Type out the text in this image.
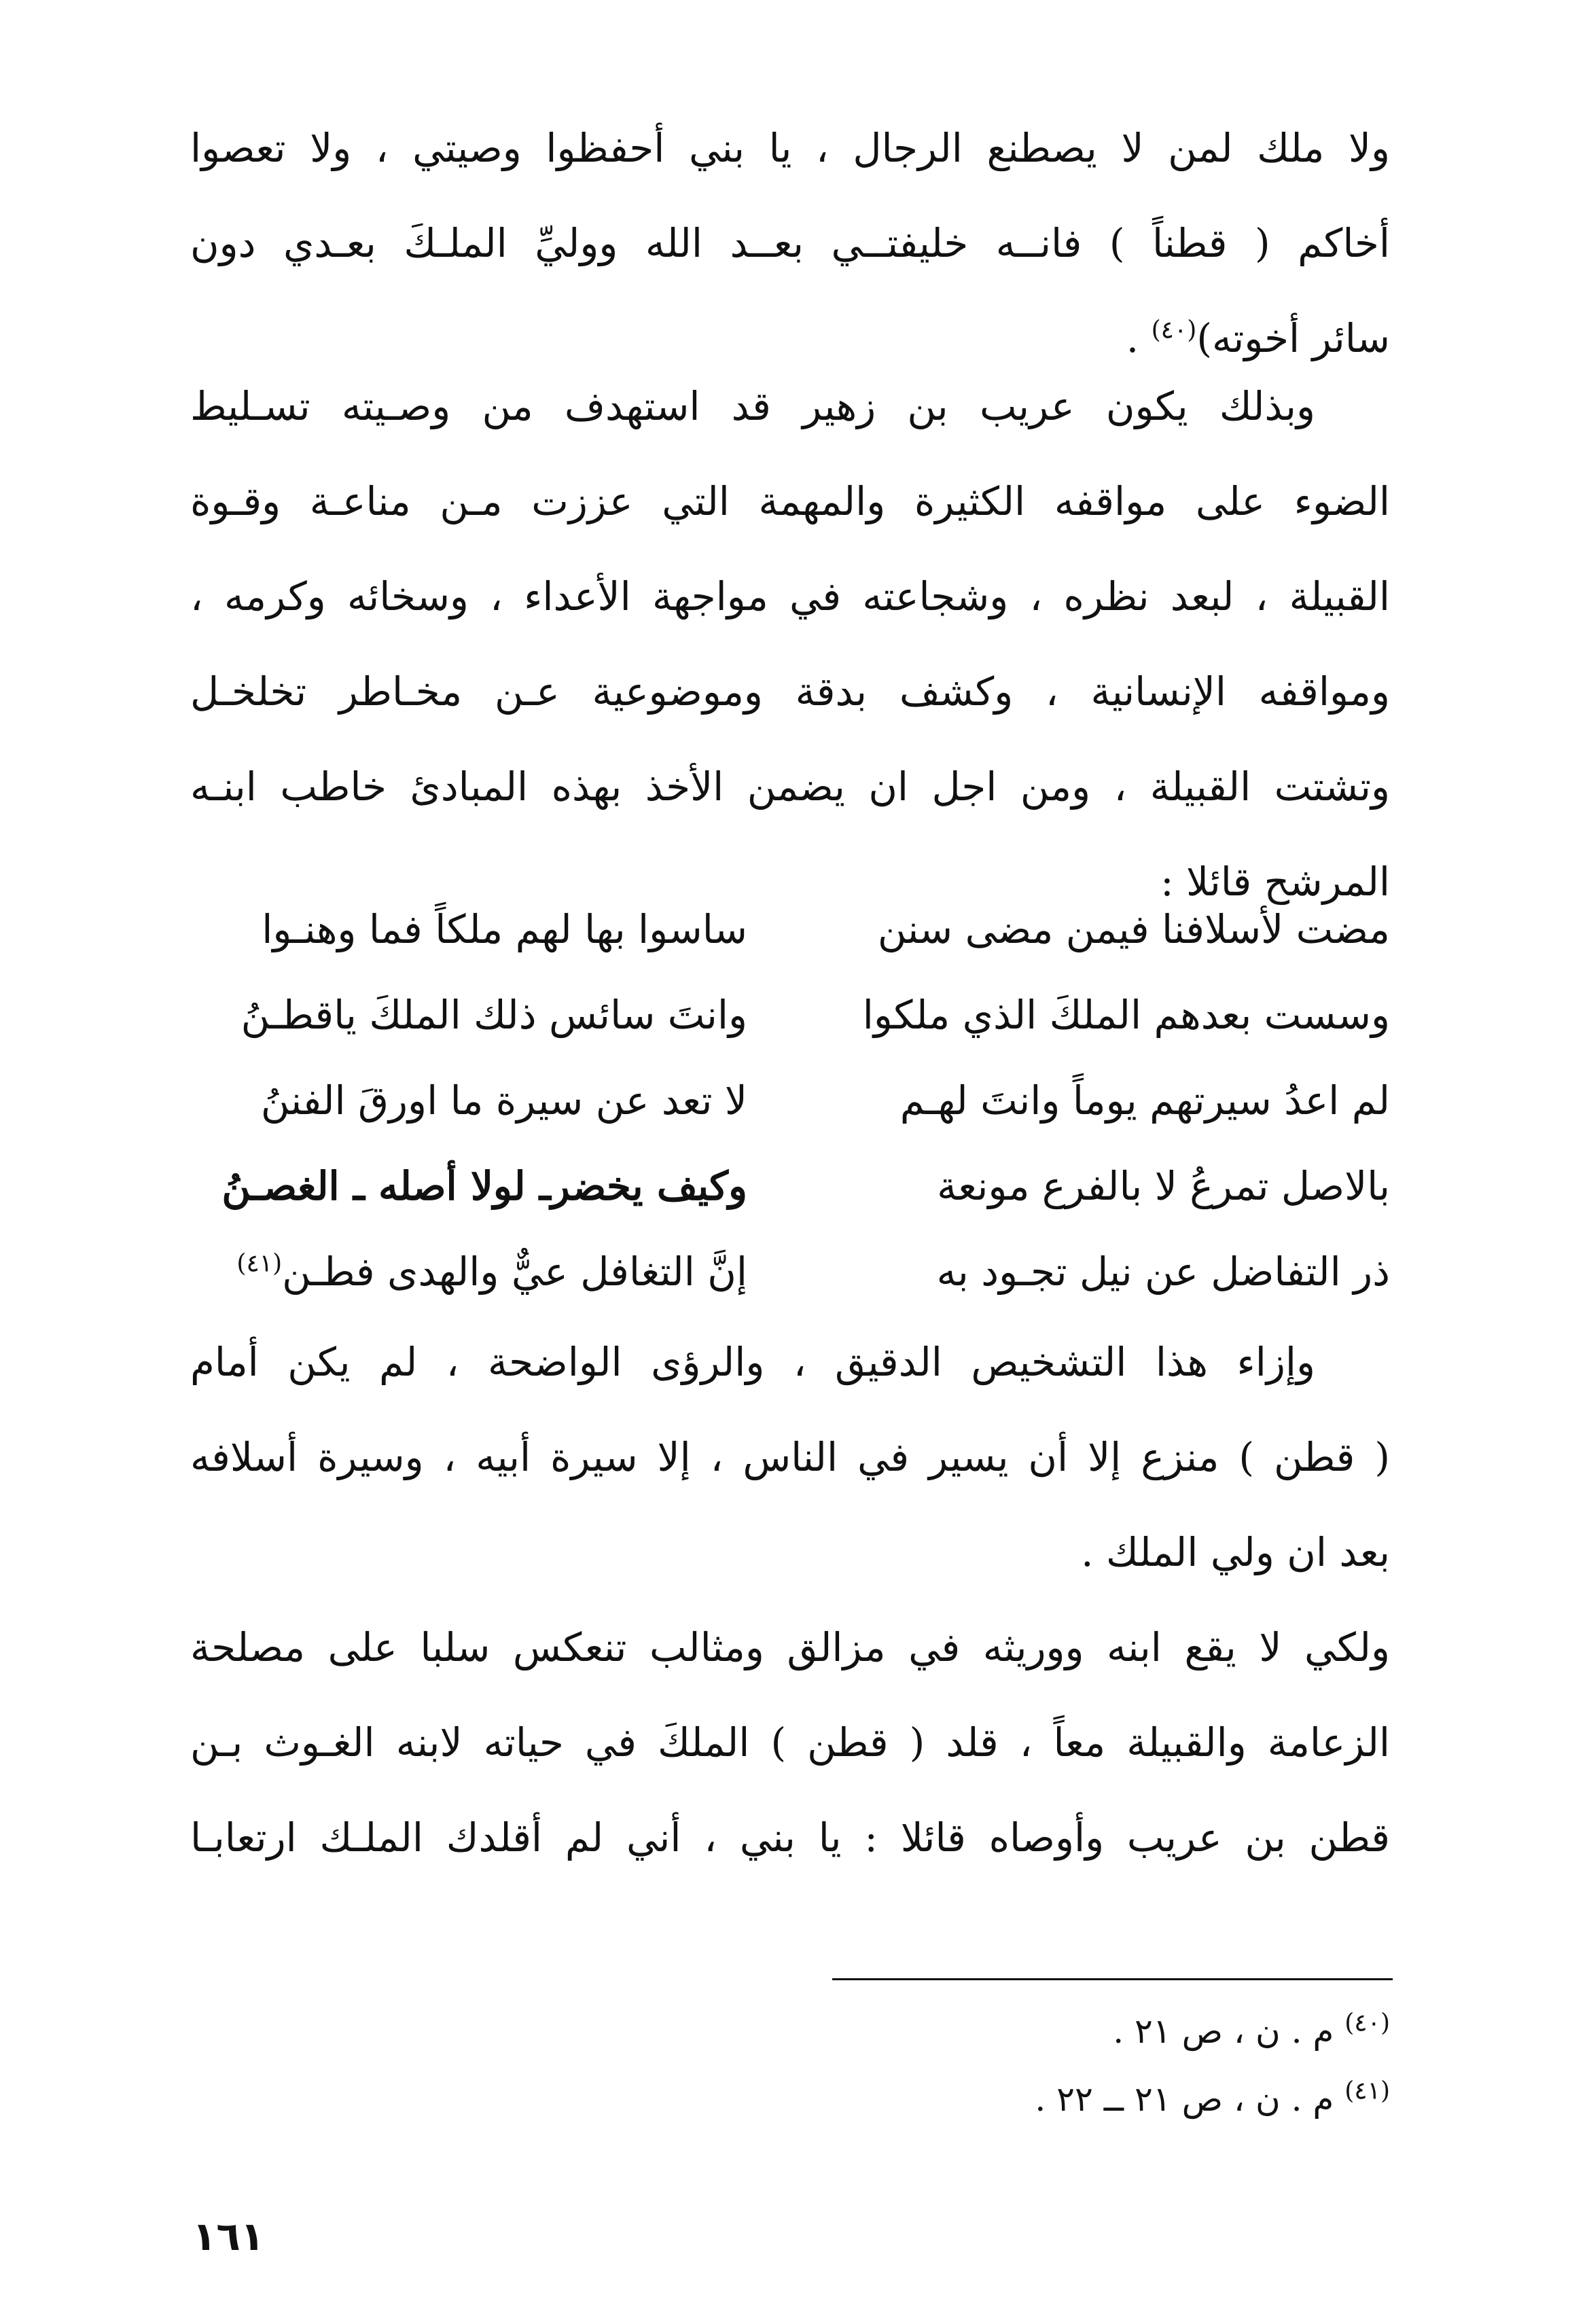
ولا ملك لمن لا يصطنع الرجال ، يا بني أحفظوا وصيتي ، ولا تعصوا
أخاكم ( قطناً ) فانــه خليفتــي بعــد الله ووليِّ الملـكَ بعـدي دون
سائر أخوته)$^{(٤٠)}$ .
وبذلك يكون عريب بن زهير قد استهدف من وصـيته تسـليط
الضوء على مواقفه الكثيرة والمهمة التي عززت مـن مناعـة وقـوة
القبيلة ، لبعد نظره ، وشجاعته في مواجهة الأعداء ، وسخائه وكرمه ،
ومواقفه الإنسانية ، وكشف بدقة وموضوعية عـن مخـاطر تخلخـل
وتشتت القبيلة ، ومن اجل ان يضمن الأخذ بهذه المبادئ خاطب ابنـه
المرشح قائلا :
مضت لأسلافنا فيمن مضى سنن
ساسوا بها لهم ملكاً فما وهنـوا
وسست بعدهم الملكَ الذي ملكوا
وانتَ سائس ذلك الملكَ ياقطـنُ
لم اعدُ سيرتهم يوماً وانتَ لهـم
لا تعد عن سيرة ما اورقَ الفننُ
بالاصل تمرعُ لا بالفرع مونعة
وكيف يخضرـ لولا أصله ـ الغصـنُ
ذر التفاضل عن نيل تجـود به
إنَّ التغافل عيٌّ والهدى فطـن$^{(٤١)}$
وإزاء هذا التشخيص الدقيق ، والرؤى الواضحة ، لم يكن أمام
( قطن ) منزع إلا أن يسير في الناس ، إلا سيرة أبيه ، وسيرة أسلافه
بعد ان ولي الملك .
ولكي لا يقع ابنه ووريثه في مزالق ومثالب تنعكس سلبا على مصلحة
الزعامة والقبيلة معاً ، قلد ( قطن ) الملكَ في حياته لابنه الغـوث بـن
قطن بن عريب وأوصاه قائلا : يا بني ، أني لم أقلدك الملـك ارتعابـا
$^{(٤٠)}$ م . ن ، ص ٢١ .
$^{(٤١)}$ م . ن ، ص ٢١ ــ ٢٢ .
١٦١
